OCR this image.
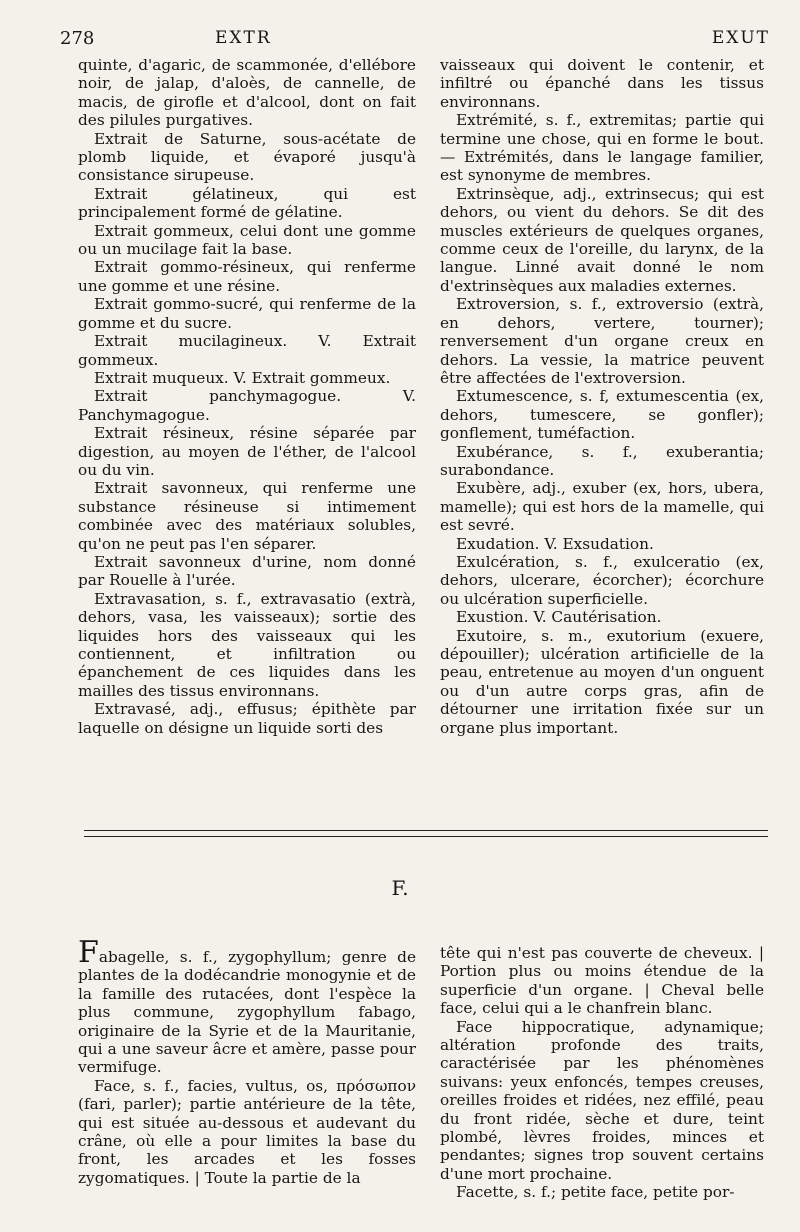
278	EXTR	EXUT

quinte, d'agaric, de scammonée, d'ellébore noir, de jalap, d'aloès, de cannelle, de macis, de girofle et d'alcool, dont on fait des pilules purgatives.

Extrait de Saturne, sous-acétate de plomb liquide, et évaporé jusqu'à consistance sirupeuse.

Extrait gélatineux, qui est principalement formé de gélatine.

Extrait gommeux, celui dont une gomme ou un mucilage fait la base.

Extrait gommo-résineux, qui renferme une gomme et une résine.

Extrait gommo-sucré, qui renferme de la gomme et du sucre.

Extrait mucilagineux. V. Extrait gommeux.

Extrait muqueux. V. Extrait gommeux.

Extrait panchymagogue. V. Panchymagogue.

Extrait résineux, résine séparée par digestion, au moyen de l'éther, de l'alcool ou du vin.

Extrait savonneux, qui renferme une substance résineuse si intimement combinée avec des matériaux solubles, qu'on ne peut pas l'en séparer.

Extrait savonneux d'urine, nom donné par Rouelle à l'urée.

Extravasation, s. f., extravasatio (extrà, dehors, vasa, les vaisseaux); sortie des liquides hors des vaisseaux qui les contiennent, et infiltration ou épanchement de ces liquides dans les mailles des tissus environnans.

Extravasé, adj., effusus; épithète par laquelle on désigne un liquide sorti des

vaisseaux qui doivent le contenir, et infiltré ou épanché dans les tissus environnans.

Extrémité, s. f., extremitas; partie qui termine une chose, qui en forme le bout. — Extrémités, dans le langage familier, est synonyme de membres.

Extrinsèque, adj., extrinsecus; qui est dehors, ou vient du dehors. Se dit des muscles extérieurs de quelques organes, comme ceux de l'oreille, du larynx, de la langue. Linné avait donné le nom d'extrinsèques aux maladies externes.

Extroversion, s. f., extroversio (extrà, en dehors, vertere, tourner); renversement d'un organe creux en dehors. La vessie, la matrice peuvent être affectées de l'extroversion.

Extumescence, s. f, extumescentia (ex, dehors, tumescere, se gonfler); gonflement, tuméfaction.

Exubérance, s. f., exuberantia; surabondance.

Exubère, adj., exuber (ex, hors, ubera, mamelle); qui est hors de la mamelle, qui est sevré.

Exudation. V. Exsudation.

Exulcération, s. f., exulceratio (ex, dehors, ulcerare, écorcher); écorchure ou ulcération superficielle.

Exustion. V. Cautérisation.

Exutoire, s. m., exutorium (exuere, dépouiller); ulcération artificielle de la peau, entretenue au moyen d'un onguent ou d'un autre corps gras, afin de détourner une irritation fixée sur un organe plus important.

F.

Fabagelle, s. f., zygophyllum; genre de plantes de la dodécandrie monogynie et de la famille des rutacées, dont l'espèce la plus commune, zygophyllum fabago, originaire de la Syrie et de la Mauritanie, qui a une saveur âcre et amère, passe pour vermifuge.

Face, s. f., facies, vultus, os, πρόσωπον (fari, parler); partie antérieure de la tête, qui est située au-dessous et audevant du crâne, où elle a pour limites la base du front, les arcades et les fosses zygomatiques. | Toute la partie de la

tête qui n'est pas couverte de cheveux. | Portion plus ou moins étendue de la superficie d'un organe. | Cheval belle face, celui qui a le chanfrein blanc.

Face hippocratique, adynamique; altération profonde des traits, caractérisée par les phénomènes suivans: yeux enfoncés, tempes creuses, oreilles froides et ridées, nez effilé, peau du front ridée, sèche et dure, teint plombé, lèvres froides, minces et pendantes; signes trop souvent certains d'une mort prochaine.

Facette, s. f.; petite face, petite por-
